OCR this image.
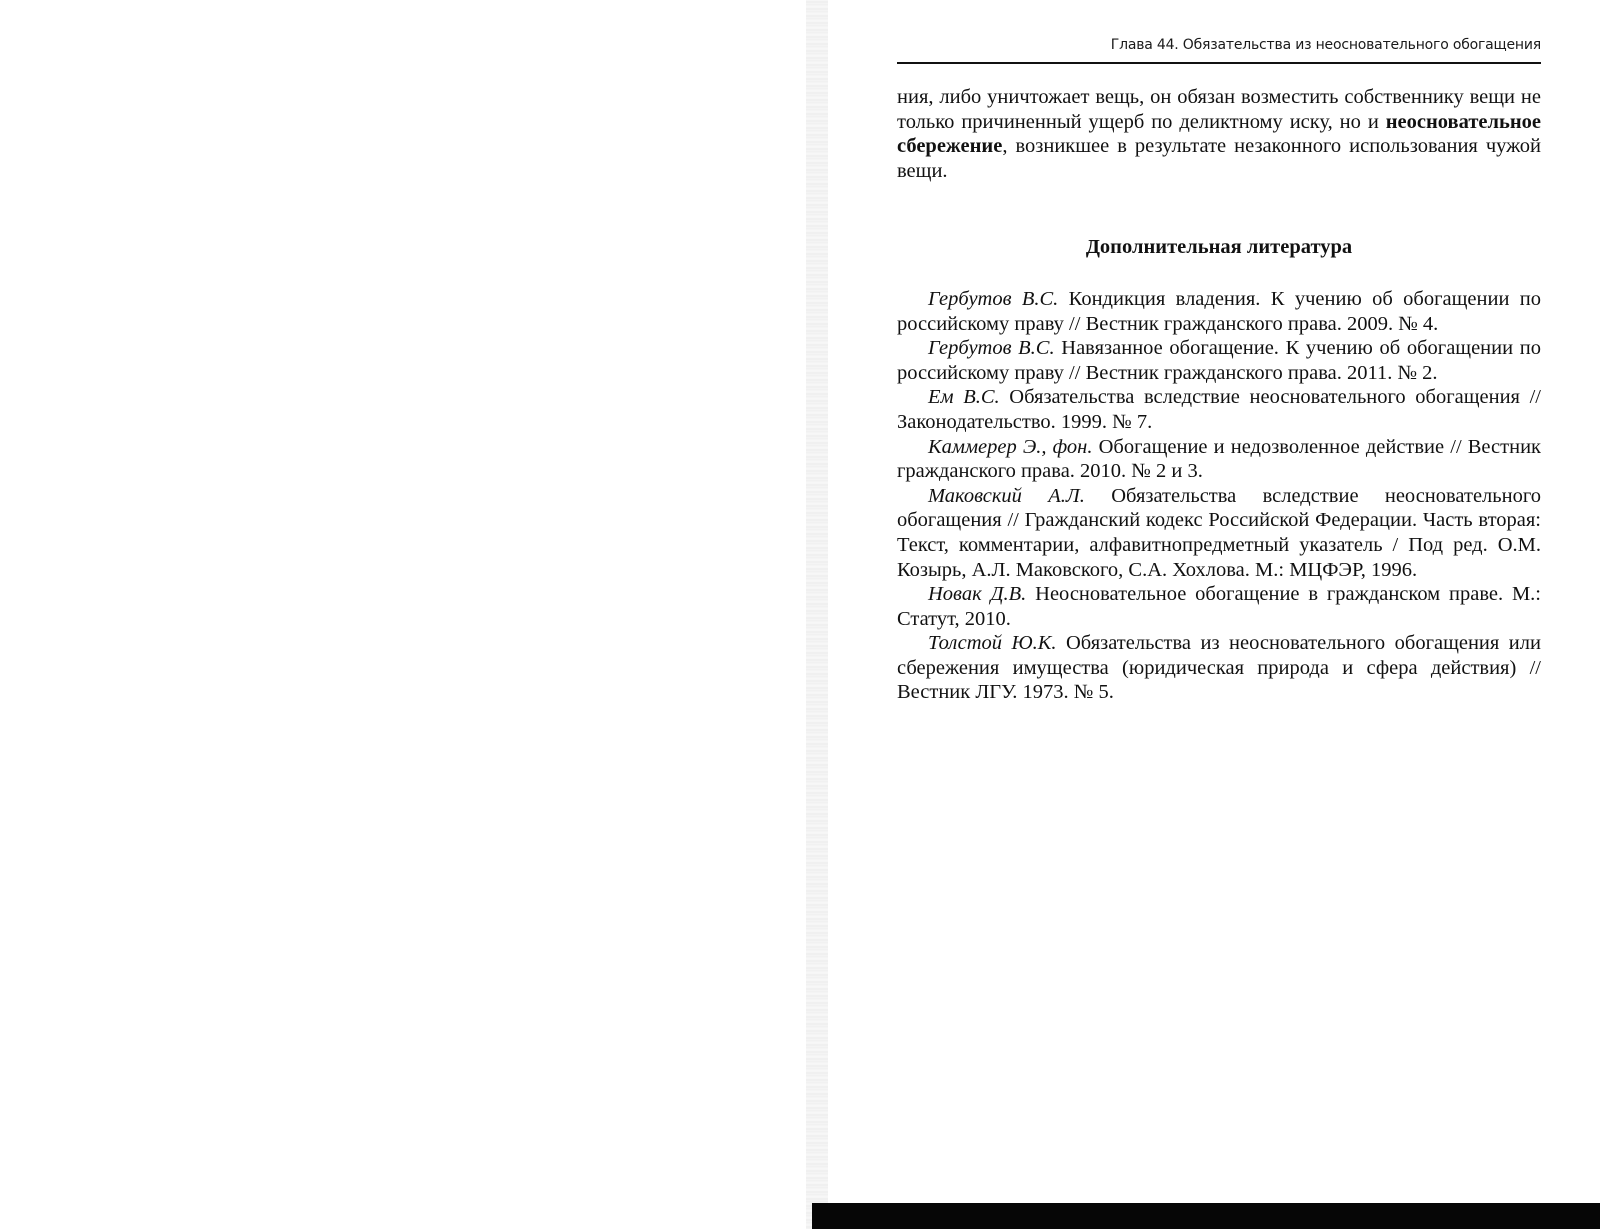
Глава 44. Обязательства из неосновательного обогащения

ния, либо уничтожает вещь, он обязан возместить собственнику вещи не только причиненный ущерб по деликтному иску, но и неосновательное сбережение, возникшее в результате незаконного использования чужой вещи.

Дополнительная литература
Гербутов В.С. Кондикция владения. К учению об обогащении по российскому праву // Вестник гражданского права. 2009. № 4.
Гербутов В.С. Навязанное обогащение. К учению об обогащении по российскому праву // Вестник гражданского права. 2011. № 2.
Ем В.С. Обязательства вследствие неосновательного обогащения // Законодательство. 1999. № 7.
Каммерер Э., фон. Обогащение и недозволенное действие // Вестник гражданского права. 2010. № 2 и 3.
Маковский А.Л. Обязательства вследствие неосновательного обогащения // Гражданский кодекс Российской Федерации. Часть вторая: Текст, комментарии, алфавитнопредметный указатель / Под ред. О.М. Козырь, А.Л. Маковского, С.А. Хохлова. М.: МЦФЭР, 1996.
Новак Д.В. Неосновательное обогащение в гражданском праве. М.: Статут, 2010.
Толстой Ю.К. Обязательства из неосновательного обогащения или сбережения имущества (юридическая природа и сфера действия) // Вестник ЛГУ. 1973. № 5.
